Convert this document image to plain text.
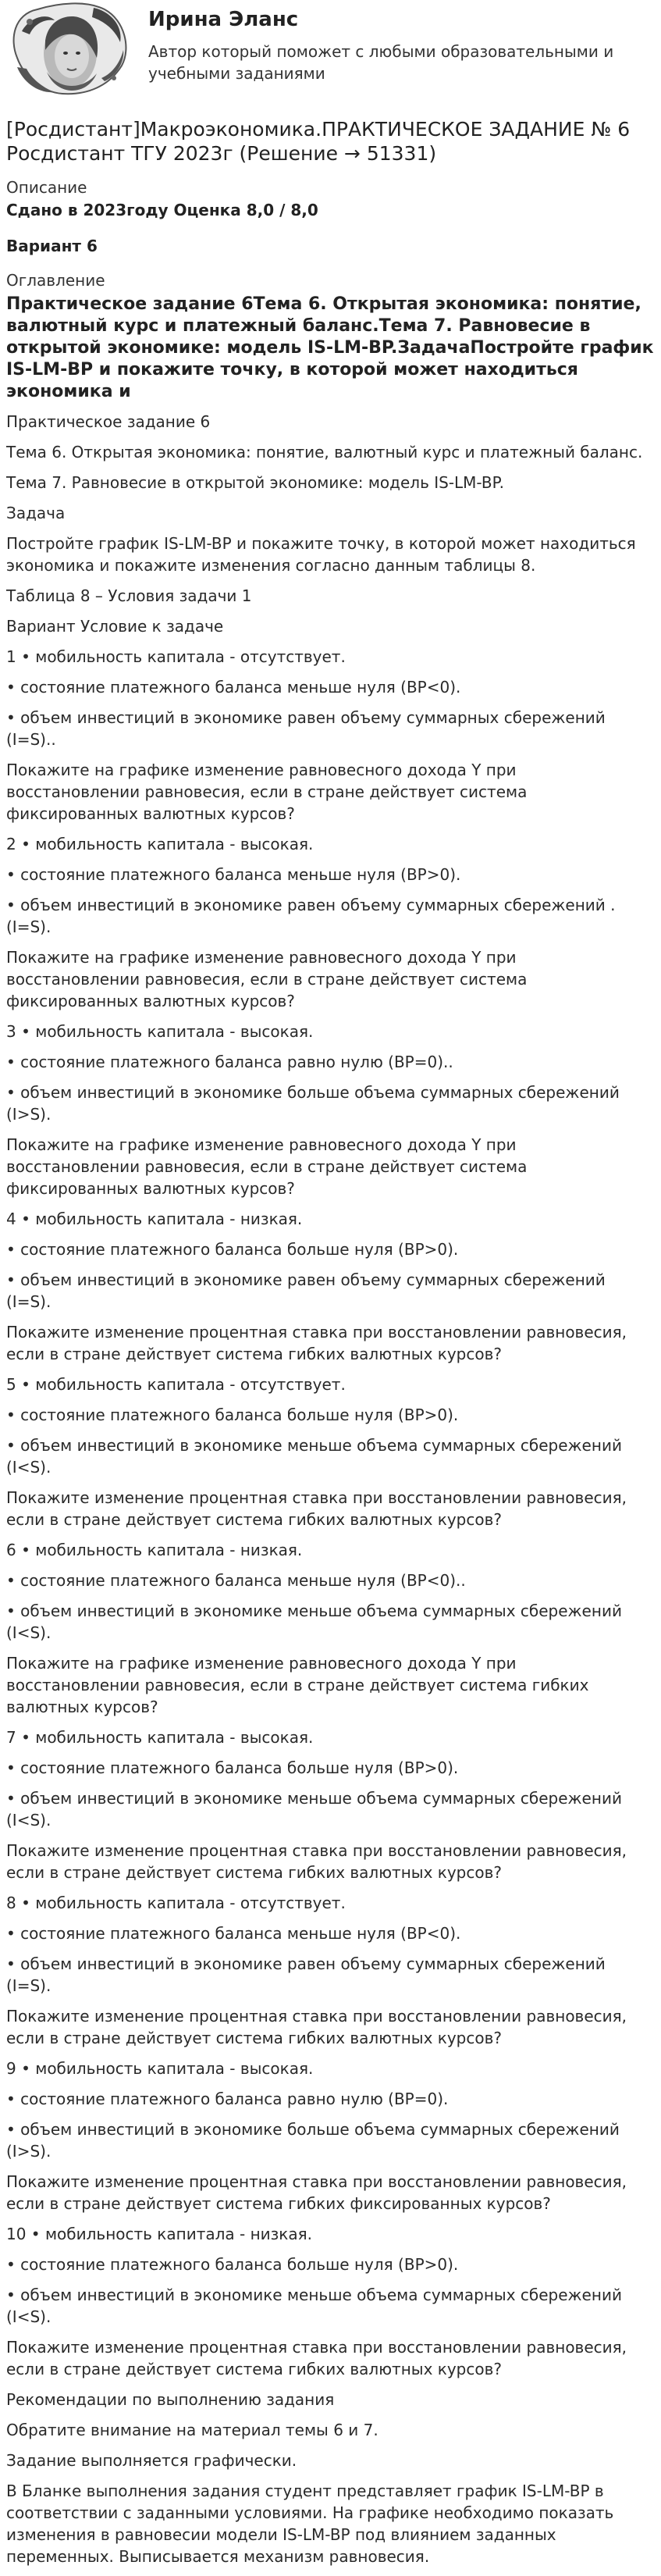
Ирина Эланс
Автор который поможет с любыми образовательными и учебными заданиями
[Росдистант]Макроэкономика.ПРАКТИЧЕСКОЕ ЗАДАНИЕ № 6 Росдистант ТГУ 2023г (Решение → 51331)
Описание
Сдано в 2023году Оценка 8,0 / 8,0
Вариант 6
Оглавление
Практическое задание 6Тема 6. Открытая экономика: понятие, валютный курс и платежный баланс.Тема 7. Равновесие в открытой экономике: модель IS-LM-BP.ЗадачаПостройте график IS-LM-BP и покажите точку, в которой может находиться экономика и
Практическое задание 6
Тема 6. Открытая экономика: понятие, валютный курс и платежный баланс.
Тема 7. Равновесие в открытой экономике: модель IS-LM-BP.
Задача
Постройте график IS-LM-BP и покажите точку, в которой может находиться экономика и покажите изменения согласно данным таблицы 8.
Таблица 8 – Условия задачи 1
Вариант Условие к задаче
1 • мобильность капитала - отсутствует.
• состояние платежного баланса меньше нуля (BP<0).
• объем инвестиций в экономике равен объему суммарных сбережений (I=S)..
Покажите на графике изменение равновесного дохода Y при восстановлении равновесия, если в стране действует система фиксированных валютных курсов?
2 • мобильность капитала - высокая.
• состояние платежного баланса меньше нуля (BP>0).
• объем инвестиций в экономике равен объему суммарных сбережений . (I=S).
Покажите на графике изменение равновесного дохода Y при восстановлении равновесия, если в стране действует система фиксированных валютных курсов?
3 • мобильность капитала - высокая.
• состояние платежного баланса равно нулю (BP=0)..
• объем инвестиций в экономике больше объема суммарных сбережений (I>S).
Покажите на графике изменение равновесного дохода Y при восстановлении равновесия, если в стране действует система фиксированных валютных курсов?
4 • мобильность капитала - низкая.
• состояние платежного баланса больше нуля (BP>0).
• объем инвестиций в экономике равен объему суммарных сбережений (I=S).
Покажите изменение процентная ставка при восстановлении равновесия, если в стране действует система гибких валютных курсов?
5 • мобильность капитала - отсутствует.
• состояние платежного баланса больше нуля (BP>0).
• объем инвестиций в экономике меньше объема суммарных сбережений (I<S).
Покажите изменение процентная ставка при восстановлении равновесия, если в стране действует система гибких валютных курсов?
6 • мобильность капитала - низкая.
• состояние платежного баланса меньше нуля (BP<0)..
• объем инвестиций в экономике меньше объема суммарных сбережений (I<S).
Покажите на графике изменение равновесного дохода Y при восстановлении равновесия, если в стране действует система гибких валютных курсов?
7 • мобильность капитала - высокая.
• состояние платежного баланса больше нуля (BP>0).
• объем инвестиций в экономике меньше объема суммарных сбережений (I<S).
Покажите изменение процентная ставка при восстановлении равновесия, если в стране действует система гибких валютных курсов?
8 • мобильность капитала - отсутствует.
• состояние платежного баланса меньше нуля (BP<0).
• объем инвестиций в экономике равен объему суммарных сбережений (I=S).
Покажите изменение процентная ставка при восстановлении равновесия, если в стране действует система гибких валютных курсов?
9 • мобильность капитала - высокая.
• состояние платежного баланса равно нулю (BP=0).
• объем инвестиций в экономике больше объема суммарных сбережений (I>S).
Покажите изменение процентная ставка при восстановлении равновесия, если в стране действует система гибких фиксированных курсов?
10 • мобильность капитала - низкая.
• состояние платежного баланса больше нуля (BP>0).
• объем инвестиций в экономике меньше объема суммарных сбережений (I<S).
Покажите изменение процентная ставка при восстановлении равновесия, если в стране действует система гибких валютных курсов?
Рекомендации по выполнению задания
Обратите внимание на материал темы 6 и 7.
Задание выполняется графически.
В Бланке выполнения задания студент представляет график IS-LM-BP в соответствии с заданными условиями. На графике необходимо показать изменения в равновесии модели IS-LM-BP под влиянием заданных переменных. Выписывается механизм равновесия.
